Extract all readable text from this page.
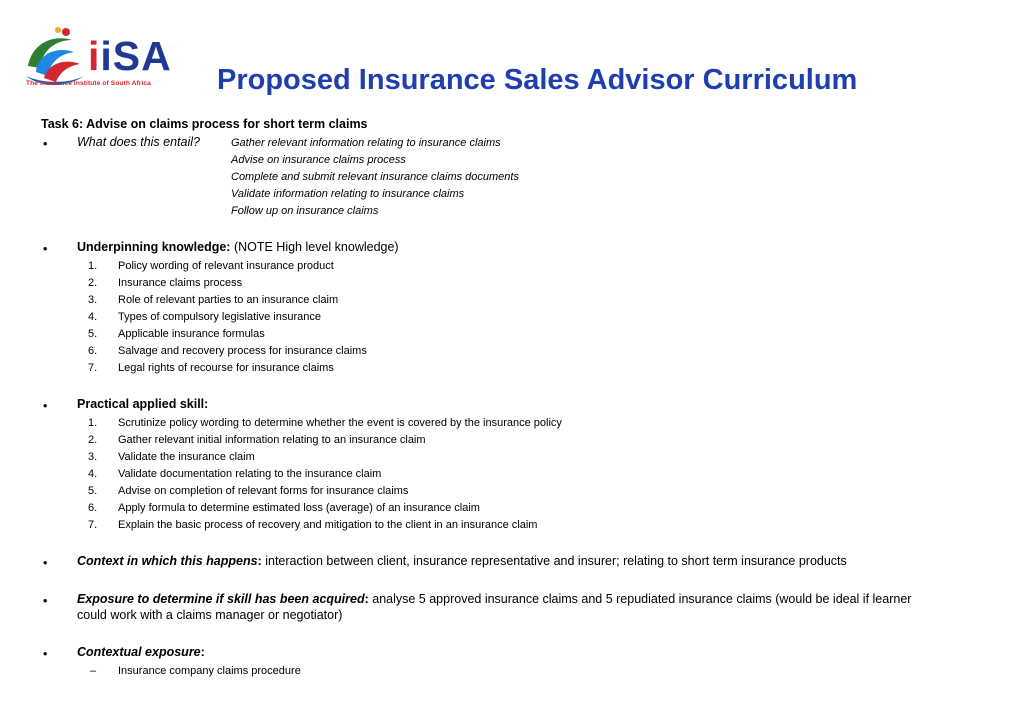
iiSA
The Insurance Institute of South Africa Proposed Insurance Sales Advisor Curriculum
Task 6: Advise on claims process for short term claims
• What does this entail?	Gather relevant information relating to insurance claims
Advise on insurance claims process
Complete and submit relevant insurance claims documents
Validate information relating to insurance claims
Follow up on insurance claims
• Underpinning knowledge: (NOTE High level knowledge)
1. Policy wording of relevant insurance product
2. Insurance claims process
3. Role of relevant parties to an insurance claim
4. Types of compulsory legislative insurance
5. Applicable insurance formulas
6. Salvage and recovery process for insurance claims
7. Legal rights of recourse for insurance claims
• Practical applied skill:
1. Scrutinize policy wording to determine whether the event is covered by the insurance policy
2. Gather relevant initial information relating to an insurance claim
3. Validate the insurance claim
4. Validate documentation relating to the insurance claim
5. Advise on completion of relevant forms for insurance claims
6. Apply formula to determine estimated loss (average) of an insurance claim
7. Explain the basic process of recovery and mitigation to the client in an insurance claim
• Context in which this happens: interaction between client, insurance representative and insurer; relating to short term insurance products
• Exposure to determine if skill has been acquired: analyse 5 approved insurance claims and 5 repudiated insurance claims (would be ideal if learner
could work with a claims manager or negotiator)
• Contextual exposure:
– Insurance company claims procedure
